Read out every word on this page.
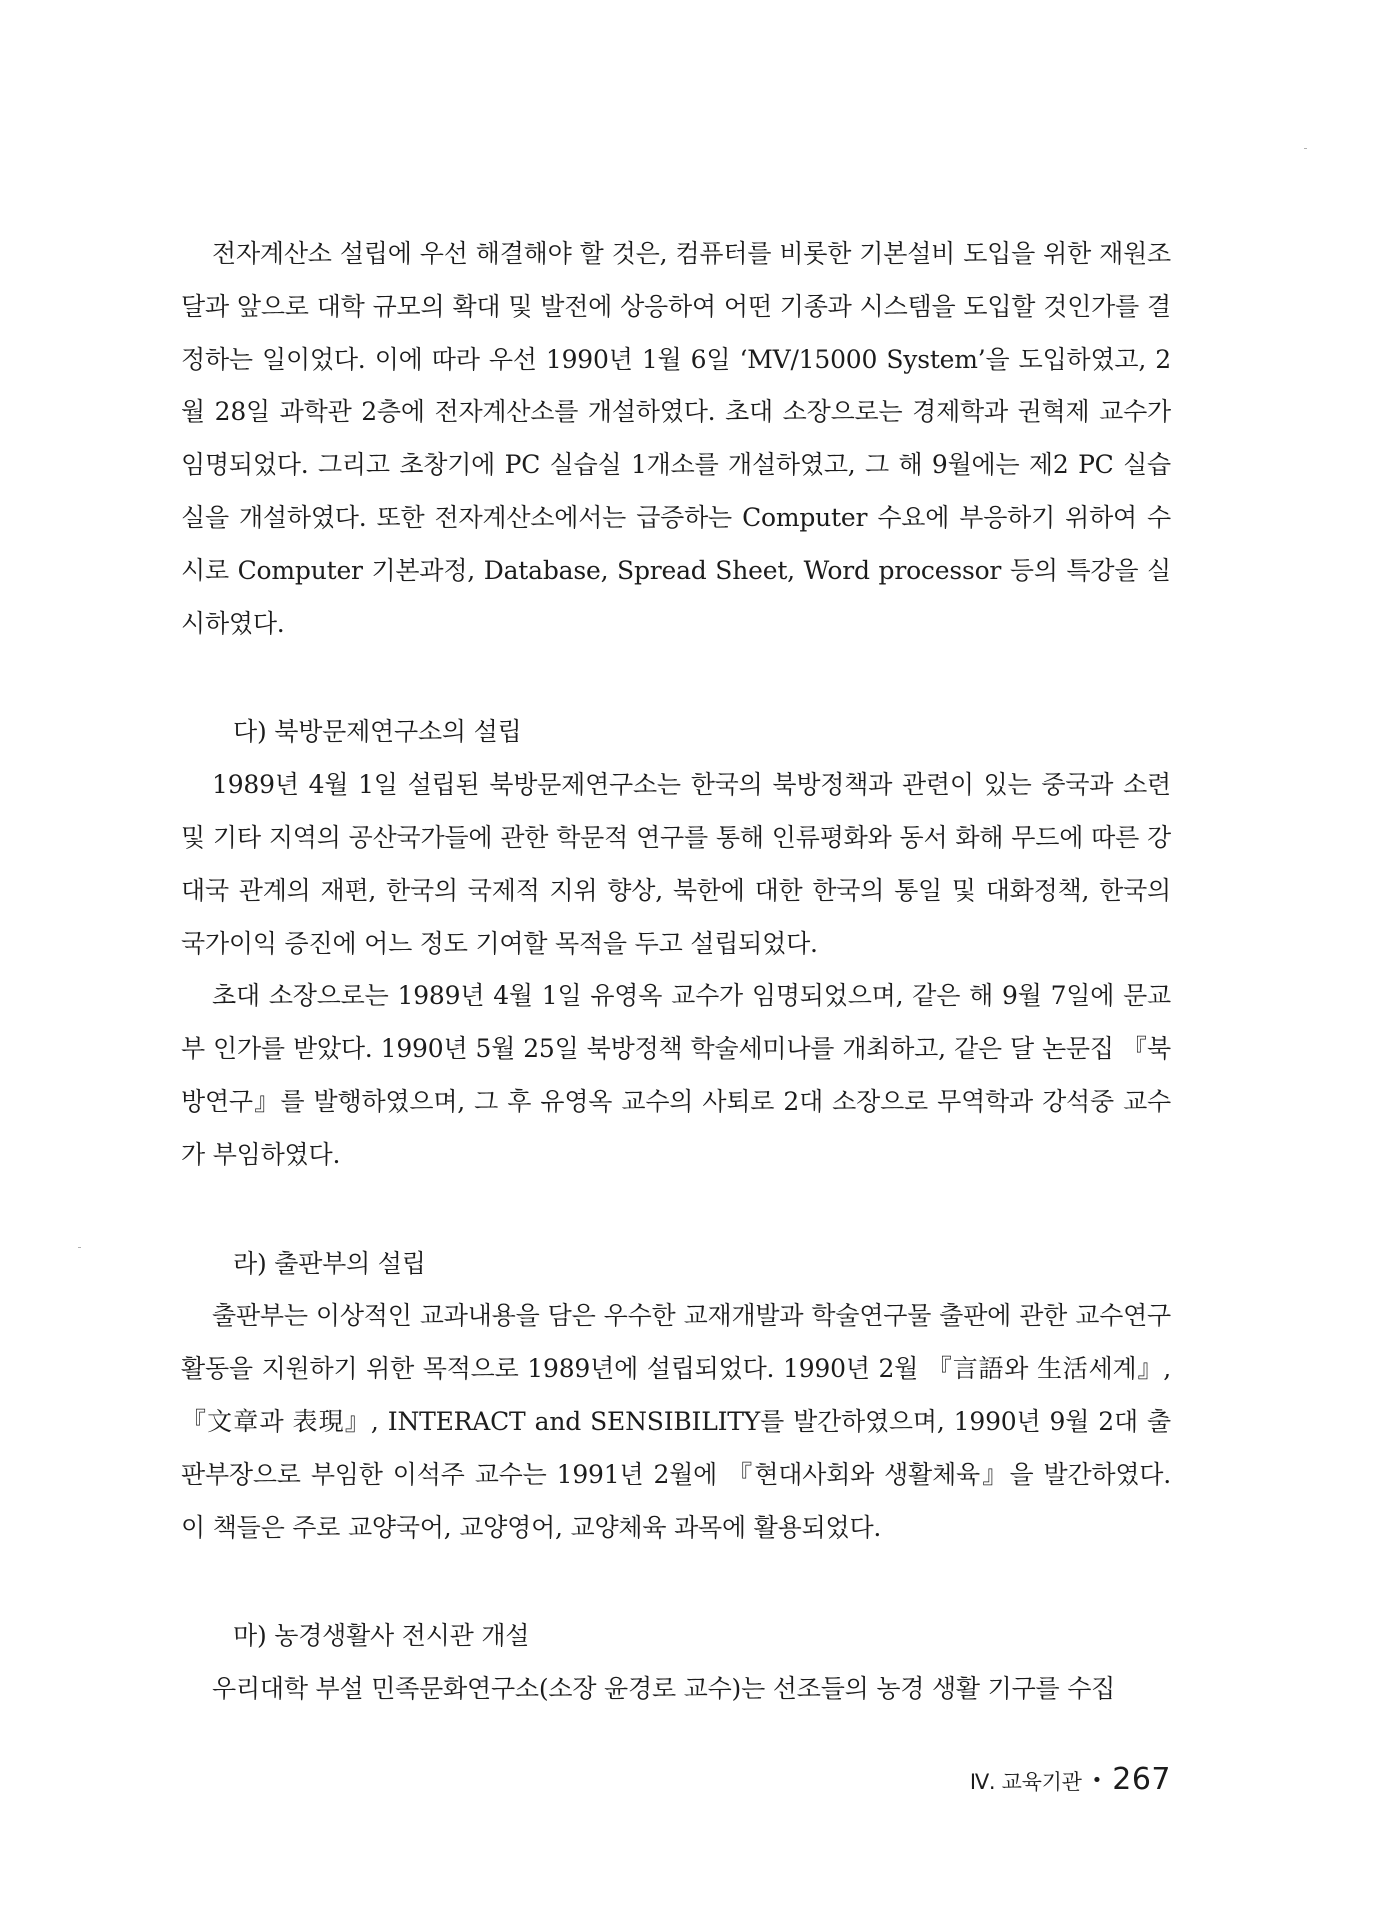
전자계산소 설립에 우선 해결해야 할 것은, 컴퓨터를 비롯한 기본설비 도입을 위한 재원조달과 앞으로 대학 규모의 확대 및 발전에 상응하여 어떤 기종과 시스템을 도입할 것인가를 결정하는 일이었다. 이에 따라 우선 1990년 1월 6일 ‘MV/15000 System’을 도입하였고, 2월 28일 과학관 2층에 전자계산소를 개설하였다. 초대 소장으로는 경제학과 권혁제 교수가 임명되었다. 그리고 초창기에 PC 실습실 1개소를 개설하였고, 그 해 9월에는 제2 PC 실습실을 개설하였다. 또한 전자계산소에서는 급증하는 Computer 수요에 부응하기 위하여 수시로 Computer 기본과정, Database, Spread Sheet, Word processor 등의 특강을 실시하였다.

다) 북방문제연구소의 설립

1989년 4월 1일 설립된 북방문제연구소는 한국의 북방정책과 관련이 있는 중국과 소련 및 기타 지역의 공산국가들에 관한 학문적 연구를 통해 인류평화와 동서 화해 무드에 따른 강대국 관계의 재편, 한국의 국제적 지위 향상, 북한에 대한 한국의 통일 및 대화정책, 한국의 국가이익 증진에 어느 정도 기여할 목적을 두고 설립되었다.

초대 소장으로는 1989년 4월 1일 유영옥 교수가 임명되었으며, 같은 해 9월 7일에 문교부 인가를 받았다. 1990년 5월 25일 북방정책 학술세미나를 개최하고, 같은 달 논문집 『북방연구』를 발행하였으며, 그 후 유영옥 교수의 사퇴로 2대 소장으로 무역학과 강석중 교수가 부임하였다.

라) 출판부의 설립

출판부는 이상적인 교과내용을 담은 우수한 교재개발과 학술연구물 출판에 관한 교수연구 활동을 지원하기 위한 목적으로 1989년에 설립되었다. 1990년 2월 『言語와 生活세계』, 『文章과 表現』, INTERACT and SENSIBILITY를 발간하였으며, 1990년 9월 2대 출판부장으로 부임한 이석주 교수는 1991년 2월에 『현대사회와 생활체육』을 발간하였다. 이 책들은 주로 교양국어, 교양영어, 교양체육 과목에 활용되었다.

마) 농경생활사 전시관 개설

우리대학 부설 민족문화연구소(소장 윤경로 교수)는 선조들의 농경 생활 기구를 수집

Ⅳ. 교육기관 • 267
